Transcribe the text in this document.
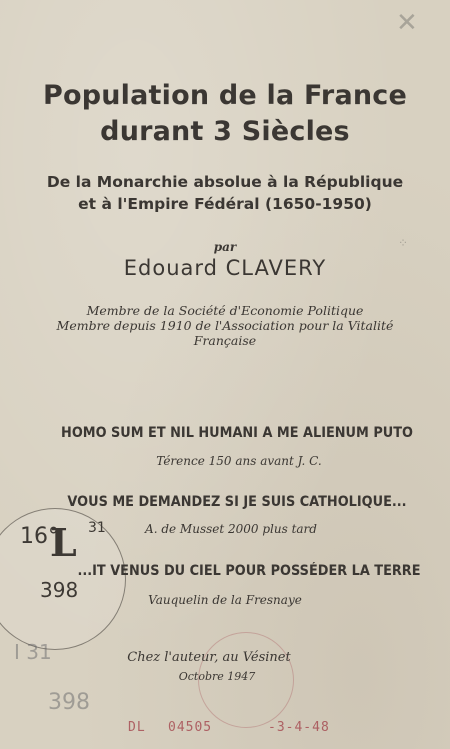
✕
⁘
Population de la France
durant 3 Siècles
De la Monarchie absolue à la République
et à l'Empire Fédéral (1650-1950)
par
Edouard CLAVERY
Membre de la Société d'Economie Politique
Membre depuis 1910 de l'Association pour la Vitalité
Française
HOMO SUM ET NIL HUMANI A ME ALIENUM PUTO
Térence 150 ans avant J. C.
VOUS ME DEMANDEZ SI JE SUIS CATHOLIQUE...
A. de Musset 2000 plus tard
16°
L 31
398
...IT VENUS DU CIEL POUR POSSÉDER LA TERRE
Vauquelin de la Fresnaye
Chez l'auteur, au Vésinet
Octobre 1947
I 31
398
DL 04505	-3-4-48
